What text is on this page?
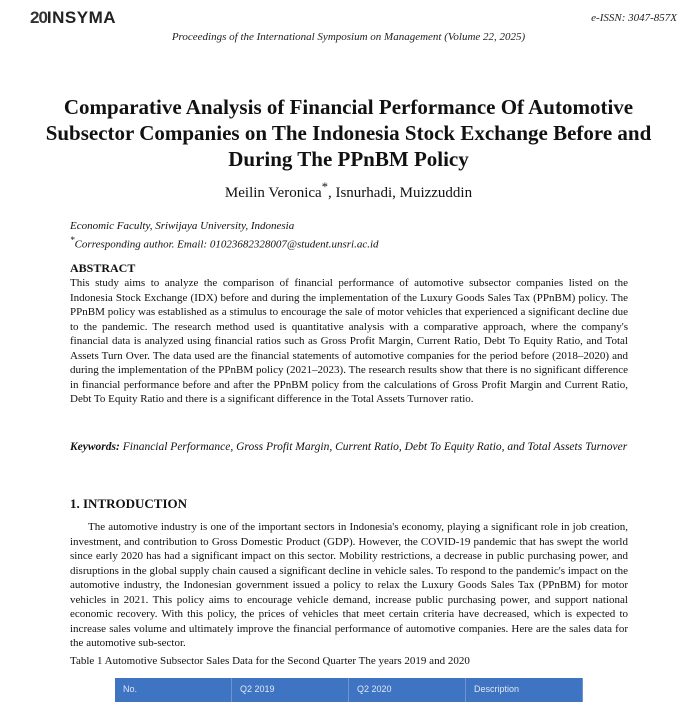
20INSYMA	e-ISSN: 3047-857X
Proceedings of the International Symposium on Management (Volume 22, 2025)
Comparative Analysis of Financial Performance Of Automotive Subsector Companies on The Indonesia Stock Exchange Before and During The PPnBM Policy
Meilin Veronica*, Isnurhadi, Muizzuddin
Economic Faculty, Sriwijaya University, Indonesia
*Corresponding author. Email: 01023682328007@student.unsri.ac.id
ABSTRACT

This study aims to analyze the comparison of financial performance of automotive subsector companies listed on the Indonesia Stock Exchange (IDX) before and during the implementation of the Luxury Goods Sales Tax (PPnBM) policy. The PPnBM policy was established as a stimulus to encourage the sale of motor vehicles that experienced a significant decline due to the pandemic. The research method used is quantitative analysis with a comparative approach, where the company's financial data is analyzed using financial ratios such as Gross Profit Margin, Current Ratio, Debt To Equity Ratio, and Total Assets Turn Over. The data used are the financial statements of automotive companies for the period before (2018–2020) and during the implementation of the PPnBM policy (2021–2023). The research results show that there is no significant difference in financial performance before and after the PPnBM policy from the calculations of Gross Profit Margin and Current Ratio, Debt To Equity Ratio and there is a significant difference in the Total Assets Turnover ratio.

Keywords: Financial Performance, Gross Profit Margin, Current Ratio, Debt To Equity Ratio, and Total Assets Turnover
1. INTRODUCTION

The automotive industry is one of the important sectors in Indonesia's economy, playing a significant role in job creation, investment, and contribution to Gross Domestic Product (GDP). However, the COVID-19 pandemic that has swept the world since early 2020 has had a significant impact on this sector. Mobility restrictions, a decrease in public purchasing power, and disruptions in the global supply chain caused a significant decline in vehicle sales. To respond to the pandemic's impact on the automotive industry, the Indonesian government issued a policy to relax the Luxury Goods Sales Tax (PPnBM) for motor vehicles in 2021. This policy aims to encourage vehicle demand, increase public purchasing power, and support national economic recovery. With this policy, the prices of vehicles that meet certain criteria have decreased, which is expected to increase sales volume and ultimately improve the financial performance of automotive companies. Here are the sales data for the automotive sub-sector.

Table 1 Automotive Subsector Sales Data for the Second Quarter The years 2019 and 2020
No.	Q2 2019	Q2 2020	Description
